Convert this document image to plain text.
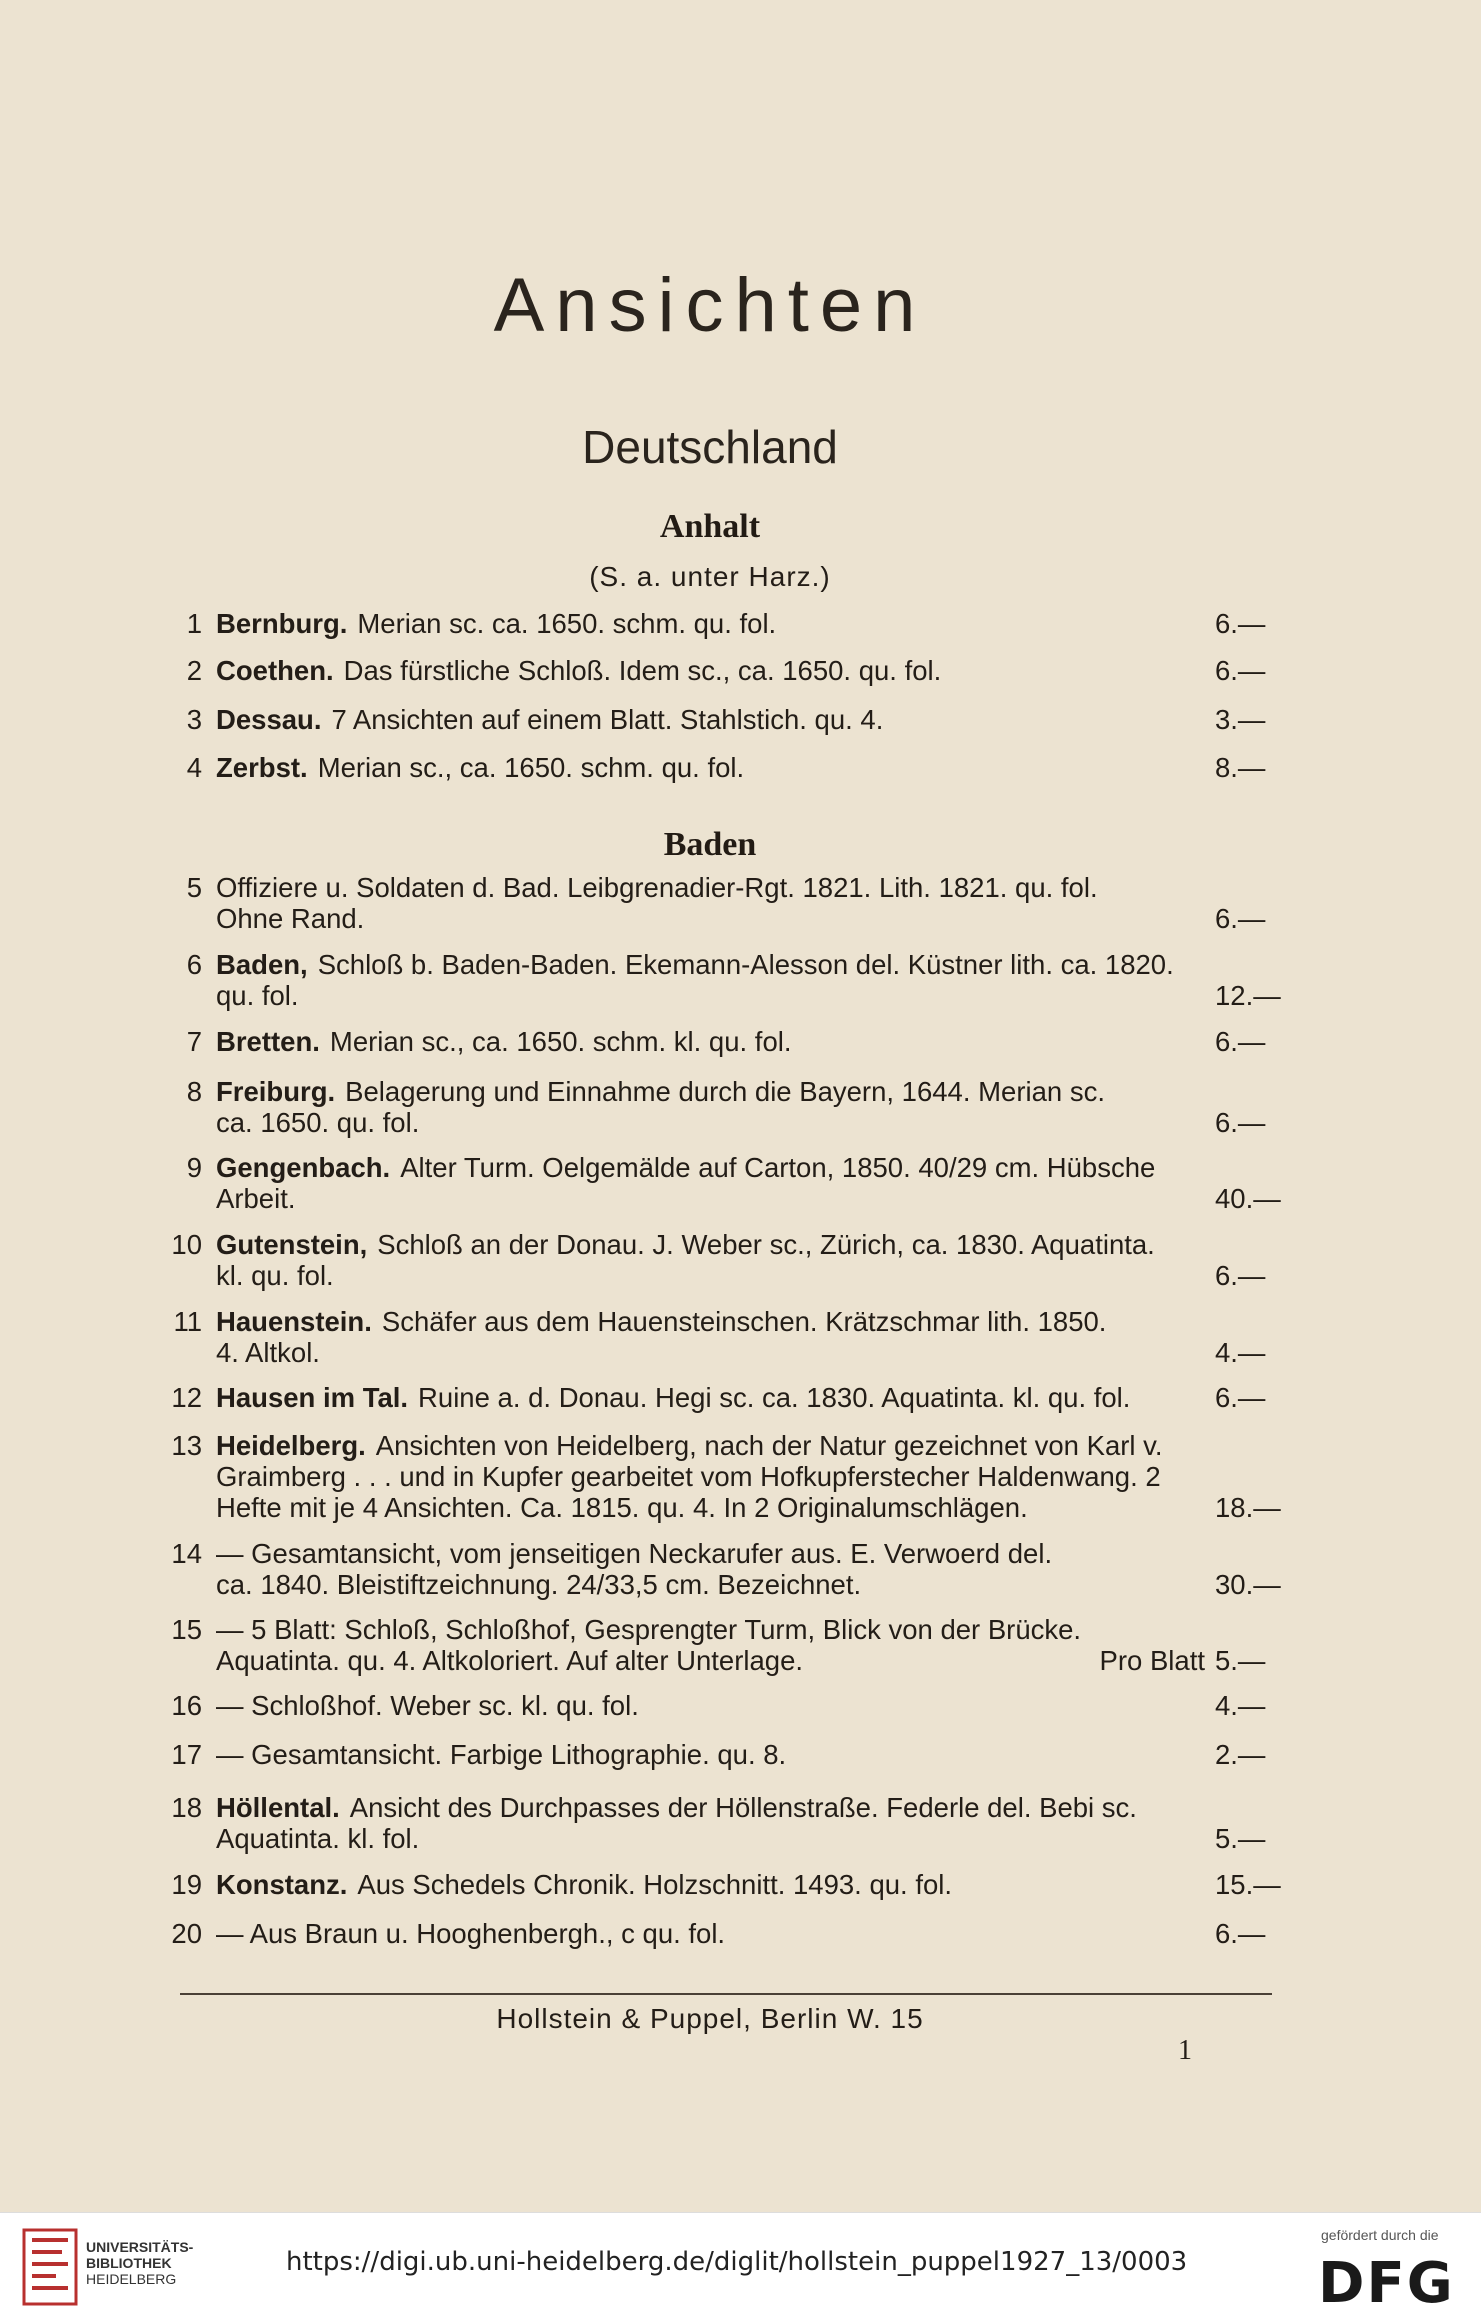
Ansichten
Deutschland
Anhalt
(S. a. unter Harz.)
Baden
1 Bernburg. Merian sc. ca. 1650. schm. qu. fol.	6.—
2 Coethen. Das fürstliche Schloß. Idem sc., ca. 1650. qu. fol.	6.—
3 Dessau. 7 Ansichten auf einem Blatt. Stahlstich. qu. 4.	3.—
4 Zerbst. Merian sc., ca. 1650. schm. qu. fol.	8.—
5 Offiziere u. Soldaten d. Bad. Leibgrenadier-Rgt. 1821. Lith. 1821. qu. fol.
Ohne Rand.	6.—
6 Baden, Schloß b. Baden-Baden. Ekemann-Alesson del. Küstner lith. ca. 1820.
qu. fol.	12.—
7 Bretten. Merian sc., ca. 1650. schm. kl. qu. fol.	6.—
8 Freiburg. Belagerung und Einnahme durch die Bayern, 1644. Merian sc.
ca. 1650. qu. fol.	6.—
9 Gengenbach. Alter Turm. Oelgemälde auf Carton, 1850. 40/29 cm. Hübsche
Arbeit.	40.—
10 Gutenstein, Schloß an der Donau. J. Weber sc., Zürich, ca. 1830. Aquatinta.
kl. qu. fol.	6.—
11 Hauenstein. Schäfer aus dem Hauensteinschen. Krätzschmar lith. 1850.
4. Altkol.	4.—
12 Hausen im Tal. Ruine a. d. Donau. Hegi sc. ca. 1830. Aquatinta. kl. qu. fol.	6.—
13 Heidelberg. Ansichten von Heidelberg, nach der Natur gezeichnet von Karl v. Graimberg . . . und in Kupfer gearbeitet vom Hofkupferstecher Haldenwang. 2 Hefte mit je 4 Ansichten. Ca. 1815. qu. 4. In 2 Originalumschlägen.	18.—
14 — Gesamtansicht, vom jenseitigen Neckarufer aus. E. Verwoerd del.
ca. 1840. Bleistiftzeichnung. 24/33,5 cm. Bezeichnet.	30.—
15 — 5 Blatt: Schloß, Schloßhof, Gesprengter Turm, Blick von der Brücke.
Aquatinta. qu. 4. Altkoloriert. Auf alter Unterlage.	Pro Blatt 5.—
16 — Schloßhof. Weber sc. kl. qu. fol.	4.—
17 — Gesamtansicht. Farbige Lithographie. qu. 8.	2.—
18 Höllental. Ansicht des Durchpasses der Höllenstraße. Federle del. Bebi sc.
Aquatinta. kl. fol.	5.—
19 Konstanz. Aus Schedels Chronik. Holzschnitt. 1493. qu. fol.	15.—
20 — Aus Braun u. Hooghenbergh., c qu. fol.	6.—
Hollstein & Puppel, Berlin W. 15
1
UNIVERSITÄTS-
BIBLIOTHEK
HEIDELBERG
https://digi.ub.uni-heidelberg.de/diglit/hollstein_puppel1927_13/0003
gefördert durch die
DFG
